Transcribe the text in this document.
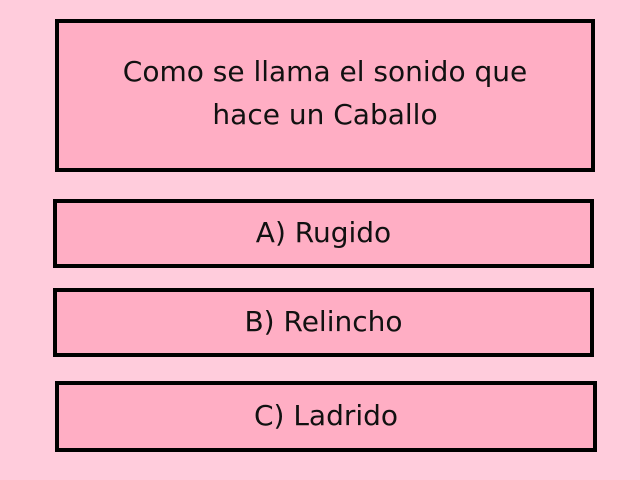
Como se llama el sonido que hace un Caballo
A) Rugido
B) Relincho
C) Ladrido
